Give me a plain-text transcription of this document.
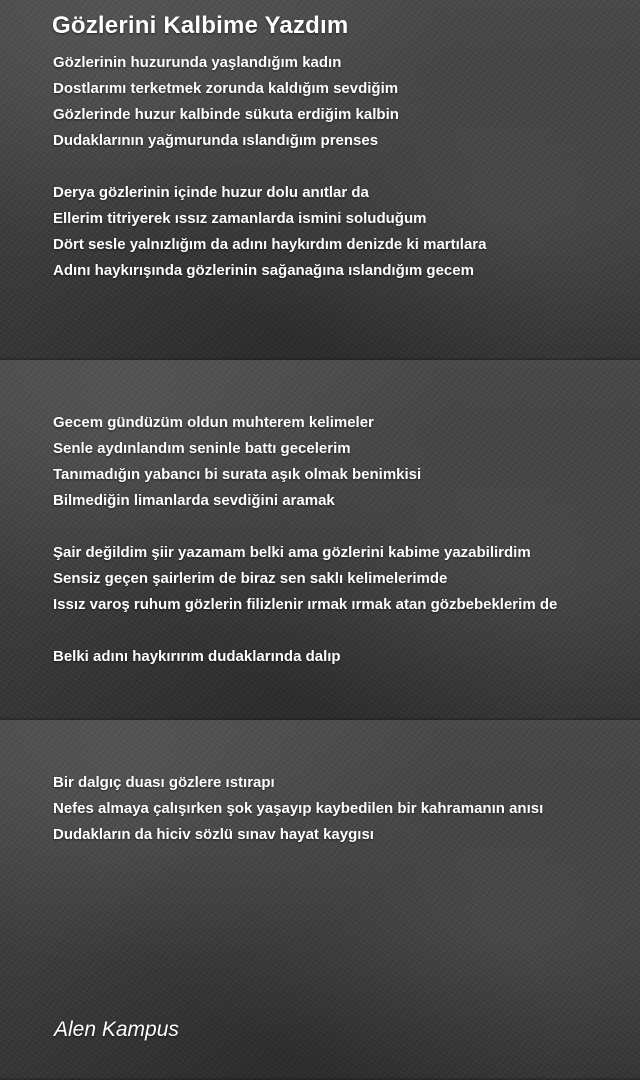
Gözlerini Kalbime Yazdım

Gözlerinin huzurunda yaşlandığım kadın
Dostlarımı terketmek zorunda kaldığım sevdiğim
Gözlerinde huzur kalbinde sükuta erdiğim kalbin
Dudaklarının yağmurunda ıslandığım prenses

Derya gözlerinin içinde huzur dolu anıtlar da
Ellerim titriyerek ıssız zamanlarda ismini soluduğum
Dört sesle yalnızlığım da adını haykırdım denizde ki martılara
Adını haykırışında gözlerinin sağanağına ıslandığım gecem

Gecem gündüzüm oldun muhterem kelimeler
Senle aydınlandım seninle battı gecelerim
Tanımadığın yabancı bi surata aşık olmak benimkisi
Bilmediğin limanlarda sevdiğini aramak

Şair değildim şiir yazamam belki ama gözlerini kabime yazabilirdim
Sensiz geçen şairlerim de biraz sen saklı kelimelerimde
Issız varoş ruhum gözlerin filizlenir ırmak ırmak atan gözbebeklerim de

Belki adını haykırırım dudaklarında dalıp

Bir dalgıç duası gözlere ıstırapı
Nefes almaya çalışırken şok yaşayıp kaybedilen bir kahramanın anısı
Dudakların da hiciv sözlü sınav hayat kaygısı

Alen Kampus
